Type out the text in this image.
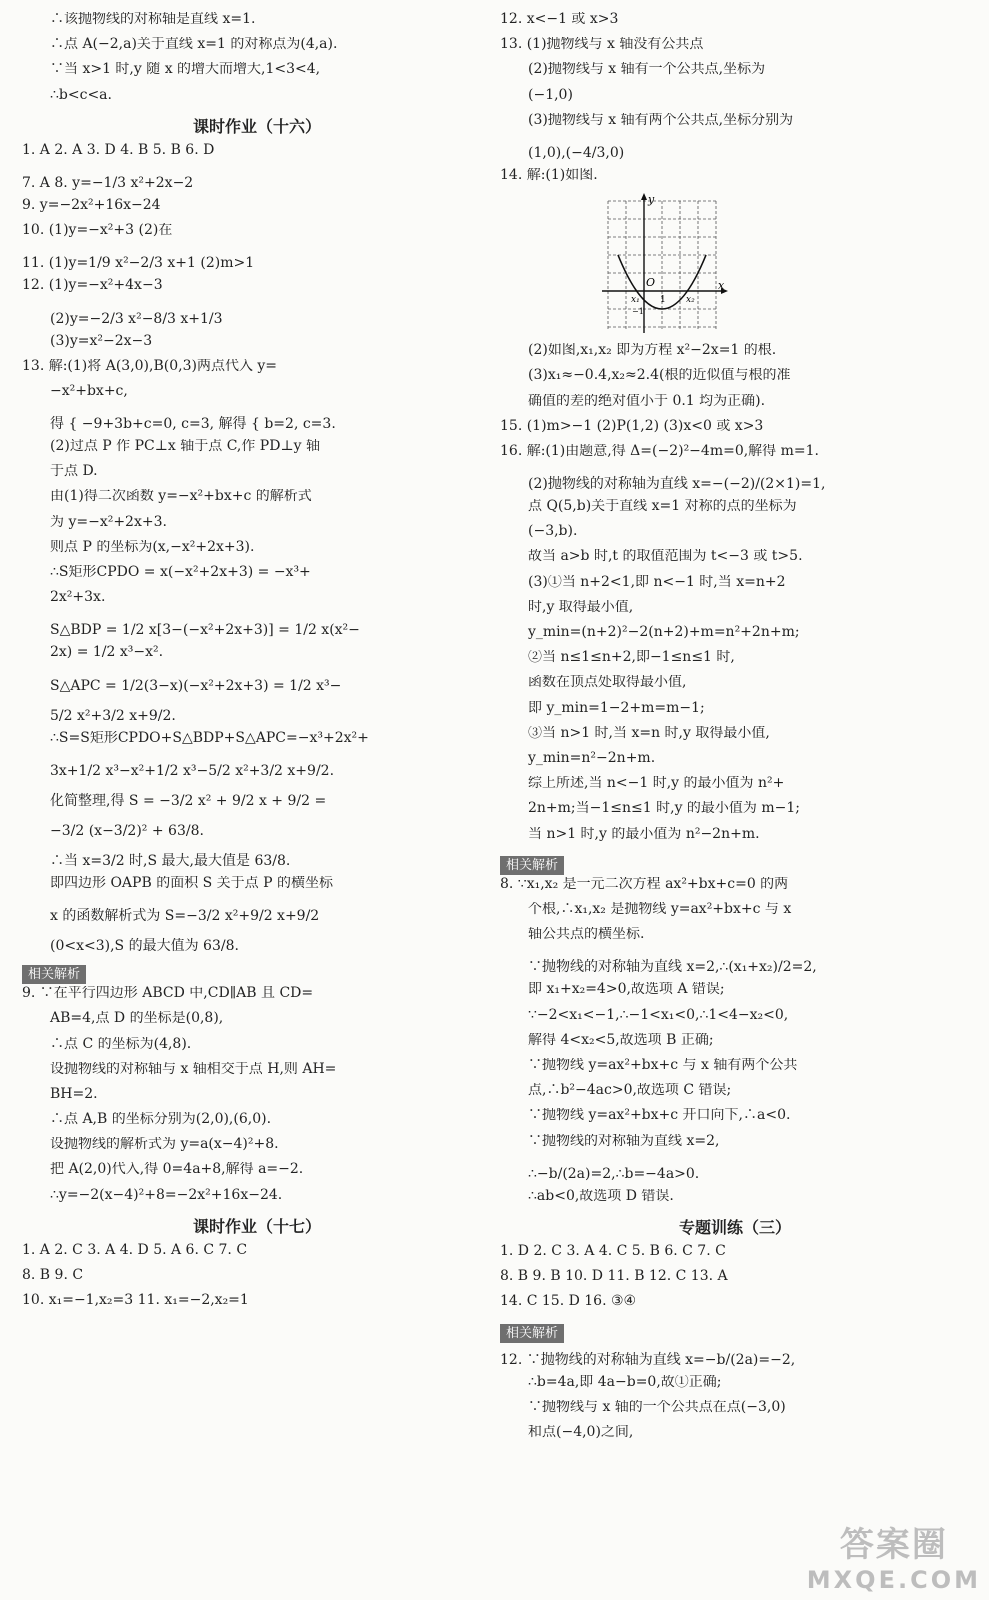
∴该抛物线的对称轴是直线 x=1.
∴点 A(−2,a)关于直线 x=1 的对称点为(4,a).
∵当 x>1 时,y 随 x 的增大而增大,1<3<4,
∴b<c<a.
课时作业（十六）
1. A 2. A 3. D 4. B 5. B 6. D
7. A 8. y=−1/3 x²+2x−2
9. y=−2x²+16x−24
10. (1)y=−x²+3 (2)在
11. (1)y=1/9 x²−2/3 x+1 (2)m>1
12. (1)y=−x²+4x−3
(2)y=−2/3 x²−8/3 x+1/3
(3)y=x²−2x−3
13. 解:(1)将 A(3,0),B(0,3)两点代入 y=
−x²+bx+c,
得 { −9+3b+c=0, c=3, 解得 { b=2, c=3.
(2)过点 P 作 PC⊥x 轴于点 C,作 PD⊥y 轴
于点 D.
由(1)得二次函数 y=−x²+bx+c 的解析式
为 y=−x²+2x+3.
则点 P 的坐标为(x,−x²+2x+3).
∴S矩形CPDO = x(−x²+2x+3) = −x³+
2x²+3x.
S△BDP = 1/2 x[3−(−x²+2x+3)] = 1/2 x(x²−
2x) = 1/2 x³−x².
S△APC = 1/2(3−x)(−x²+2x+3) = 1/2 x³−
5/2 x²+3/2 x+9/2.
∴S=S矩形CPDO+S△BDP+S△APC=−x³+2x²+
3x+1/2 x³−x²+1/2 x³−5/2 x²+3/2 x+9/2.
化简整理,得 S = −3/2 x² + 9/2 x + 9/2 =
−3/2 (x−3/2)² + 63/8.
∴当 x=3/2 时,S 最大,最大值是 63/8.
即四边形 OAPB 的面积 S 关于点 P 的横坐标
x 的函数解析式为 S=−3/2 x²+9/2 x+9/2
(0<x<3),S 的最大值为 63/8.
相关解析
9. ∵在平行四边形 ABCD 中,CD∥AB 且 CD=
AB=4,点 D 的坐标是(0,8),
∴点 C 的坐标为(4,8).
设抛物线的对称轴与 x 轴相交于点 H,则 AH=
BH=2.
∴点 A,B 的坐标分别为(2,0),(6,0).
设抛物线的解析式为 y=a(x−4)²+8.
把 A(2,0)代入,得 0=4a+8,解得 a=−2.
∴y=−2(x−4)²+8=−2x²+16x−24.
课时作业（十七）
1. A 2. C 3. A 4. D 5. A 6. C 7. C
8. B 9. C
10. x₁=−1,x₂=3 11. x₁=−2,x₂=1
12. x<−1 或 x>3
13. (1)抛物线与 x 轴没有公共点
(2)抛物线与 x 轴有一个公共点,坐标为
(−1,0)
(3)抛物线与 x 轴有两个公共点,坐标分别为
(1,0),(−4/3,0)
14. 解:(1)如图.
y
x
O
x₁	x₂
1
−1
(2)如图,x₁,x₂ 即为方程 x²−2x=1 的根.
(3)x₁≈−0.4,x₂≈2.4(根的近似值与根的准
确值的差的绝对值小于 0.1 均为正确).
15. (1)m>−1 (2)P(1,2) (3)x<0 或 x>3
16. 解:(1)由题意,得 Δ=(−2)²−4m=0,解得 m=1.
(2)抛物线的对称轴为直线 x=−(−2)/(2×1)=1,
点 Q(5,b)关于直线 x=1 对称的点的坐标为
(−3,b).
故当 a>b 时,t 的取值范围为 t<−3 或 t>5.
(3)①当 n+2<1,即 n<−1 时,当 x=n+2
时,y 取得最小值,
y_min=(n+2)²−2(n+2)+m=n²+2n+m;
②当 n≤1≤n+2,即−1≤n≤1 时,
函数在顶点处取得最小值,
即 y_min=1−2+m=m−1;
③当 n>1 时,当 x=n 时,y 取得最小值,
y_min=n²−2n+m.
综上所述,当 n<−1 时,y 的最小值为 n²+
2n+m;当−1≤n≤1 时,y 的最小值为 m−1;
当 n>1 时,y 的最小值为 n²−2n+m.
相关解析
8. ∵x₁,x₂ 是一元二次方程 ax²+bx+c=0 的两
个根,∴x₁,x₂ 是抛物线 y=ax²+bx+c 与 x
轴公共点的横坐标.
∵抛物线的对称轴为直线 x=2,∴(x₁+x₂)/2=2,
即 x₁+x₂=4>0,故选项 A 错误;
∵−2<x₁<−1,∴−1<x₁<0,∴1<4−x₂<0,
解得 4<x₂<5,故选项 B 正确;
∵抛物线 y=ax²+bx+c 与 x 轴有两个公共
点,∴b²−4ac>0,故选项 C 错误;
∵抛物线 y=ax²+bx+c 开口向下,∴a<0.
∵抛物线的对称轴为直线 x=2,
∴−b/(2a)=2,∴b=−4a>0.
∴ab<0,故选项 D 错误.
专题训练（三）
1. D 2. C 3. A 4. C 5. B 6. C 7. C
8. B 9. B 10. D 11. B 12. C 13. A
14. C 15. D 16. ③④
相关解析
12. ∵抛物线的对称轴为直线 x=−b/(2a)=−2,
∴b=4a,即 4a−b=0,故①正确;
∵抛物线与 x 轴的一个公共点在点(−3,0)
和点(−4,0)之间,
答案圈
MXQE.COM
